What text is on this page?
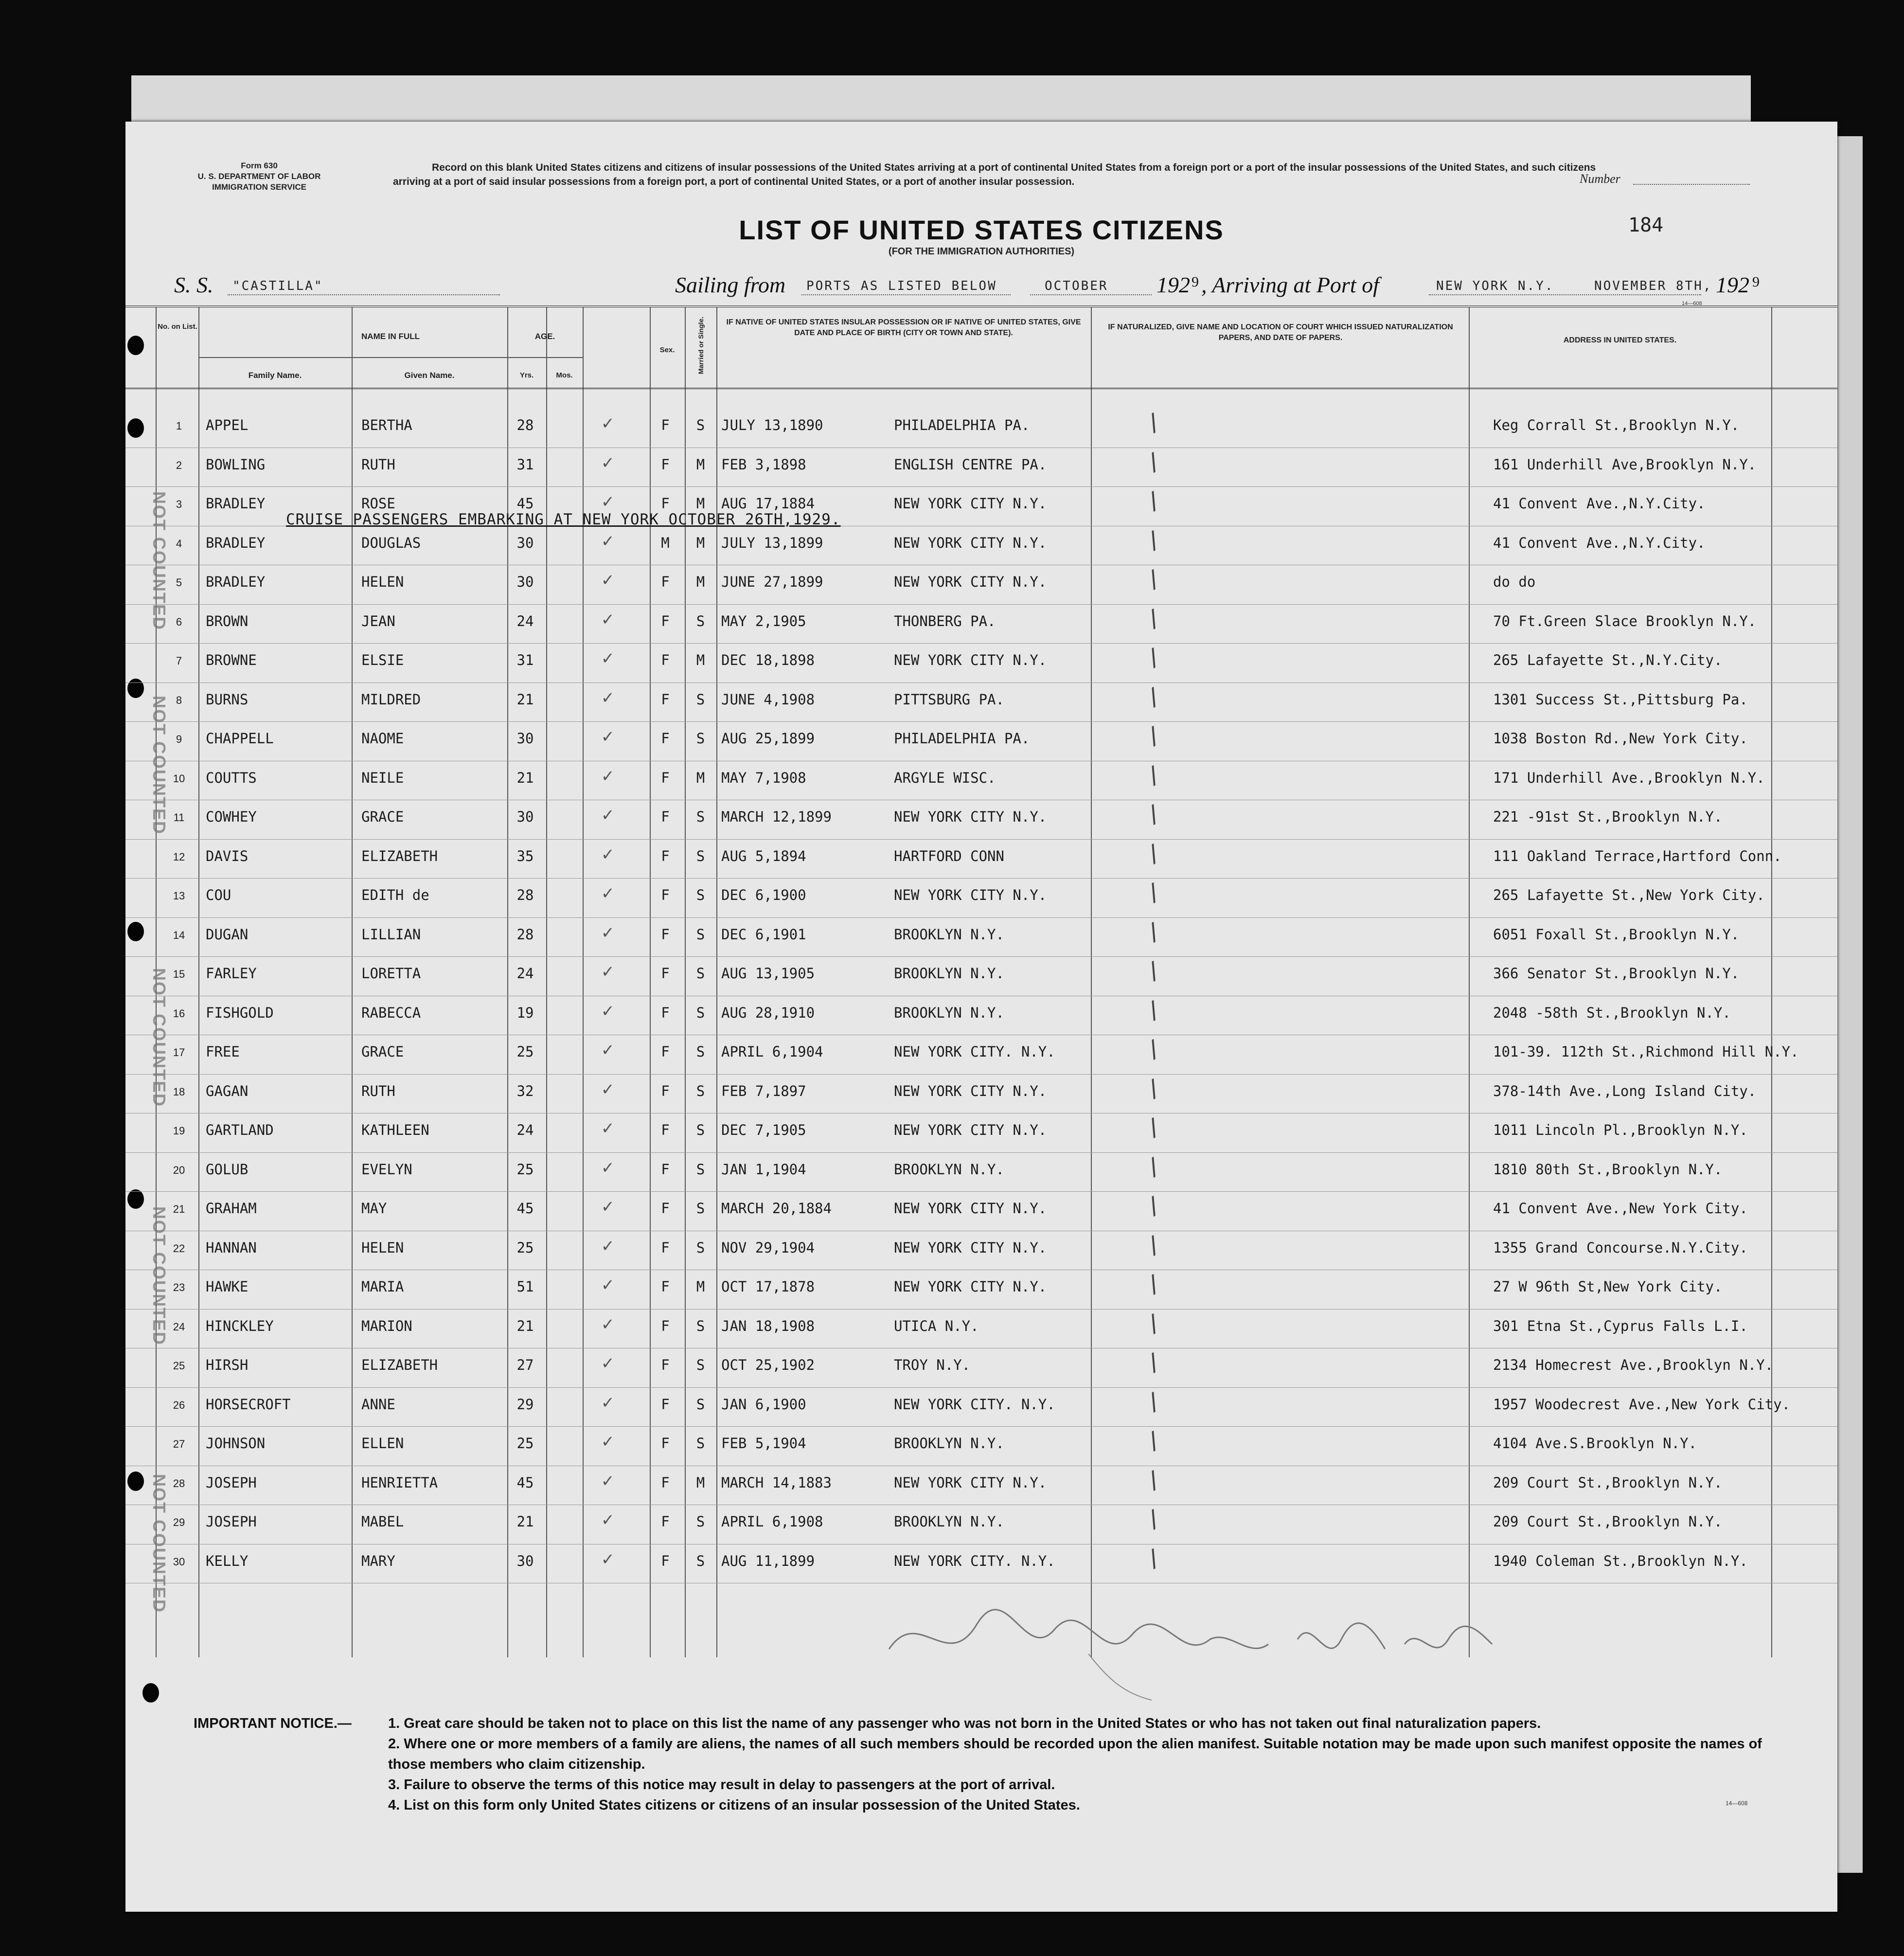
Form 630
U. S. DEPARTMENT OF LABOR
IMMIGRATION SERVICE
Record on this blank United States citizens and citizens of insular possessions of the United States arriving at a port of continental United States from a foreign port or a port of the insular possessions of the United States, and such citizens arriving at a port of said insular possessions from a foreign port, a port of continental United States, or a port of another insular possession.	Number
184
LIST OF UNITED STATES CITIZENS
(FOR THE IMMIGRATION AUTHORITIES)
S. S. "CASTILLA"	Sailing from PORTS AS LISTED BELOW	OCTOBER 192 9 , Arriving at Port of	NEW YORK N.Y.	NOVEMBER 8TH, 192 9
14—608
No. on List.
NAME IN FULL
Family Name.	Given Name.
AGE.
Yrs.	Mos.
Sex.	Married or Single.	IF NATIVE OF UNITED STATES INSULAR POSSESSION OR IF NATIVE OF UNITED STATES, GIVE DATE AND PLACE OF BIRTH (CITY OR TOWN AND STATE).
IF NATURALIZED, GIVE NAME AND LOCATION OF COURT WHICH ISSUED NATURALIZATION PAPERS, AND DATE OF PAPERS.	ADDRESS IN UNITED STATES.
CRUISE PASSENGERS EMBARKING AT NEW YORK OCTOBER 26TH,1929.
1	APPEL	BERTHA	28	F	S	JULY 13,1890	PHILADELPHIA PA.	Keg Corrall St.,Brooklyn N.Y.
✓	/
2	BOWLING	RUTH	31	F	M	FEB 3,1898	ENGLISH CENTRE PA.	161 Underhill Ave,Brooklyn N.Y.
✓	/
3	BRADLEY	ROSE	45	F	M	AUG 17,1884	NEW YORK CITY N.Y.	41 Convent Ave.,N.Y.City.
✓	/
4	BRADLEY	DOUGLAS	30	M	M	JULY 13,1899	NEW YORK CITY N.Y.	41 Convent Ave.,N.Y.City.
✓	/
5	BRADLEY	HELEN	30	F	M	JUNE 27,1899	NEW YORK CITY N.Y.	do do
✓	/
6	BROWN	JEAN	24	F	S	MAY 2,1905	THONBERG PA.	70 Ft.Green Slace Brooklyn N.Y.
✓	/
7	BROWNE	ELSIE	31	F	M	DEC 18,1898	NEW YORK CITY N.Y.	265 Lafayette St.,N.Y.City.
✓	/
8	BURNS	MILDRED	21	F	S	JUNE 4,1908	PITTSBURG PA.	1301 Success St.,Pittsburg Pa.
✓	/
9	CHAPPELL	NAOME	30	F	S	AUG 25,1899	PHILADELPHIA PA.	1038 Boston Rd.,New York City.
✓	/
10	COUTTS	NEILE	21	F	M	MAY 7,1908	ARGYLE WISC.	171 Underhill Ave.,Brooklyn N.Y.
✓	/
11	COWHEY	GRACE	30	F	S	MARCH 12,1899	NEW YORK CITY N.Y.	221 -91st St.,Brooklyn N.Y.
✓	/
12	DAVIS	ELIZABETH	35	F	S	AUG 5,1894	HARTFORD CONN	111 Oakland Terrace,Hartford Conn.
✓	/
13	COU	EDITH de	28	F	S	DEC 6,1900	NEW YORK CITY N.Y.	265 Lafayette St.,New York City.
✓	/
14	DUGAN	LILLIAN	28	F	S	DEC 6,1901	BROOKLYN N.Y.	6051 Foxall St.,Brooklyn N.Y.
✓	/
15	FARLEY	LORETTA	24	F	S	AUG 13,1905	BROOKLYN N.Y.	366 Senator St.,Brooklyn N.Y.
✓	/
16	FISHGOLD	RABECCA	19	F	S	AUG 28,1910	BROOKLYN N.Y.	2048 -58th St.,Brooklyn N.Y.
✓	/
17	FREE	GRACE	25	F	S	APRIL 6,1904	NEW YORK CITY. N.Y.	101-39. 112th St.,Richmond Hill N.Y.
✓	/
18	GAGAN	RUTH	32	F	S	FEB 7,1897	NEW YORK CITY N.Y.	378-14th Ave.,Long Island City.
✓	/
19	GARTLAND	KATHLEEN	24	F	S	DEC 7,1905	NEW YORK CITY N.Y.	1011 Lincoln Pl.,Brooklyn N.Y.
✓	/
20	GOLUB	EVELYN	25	F	S	JAN 1,1904	BROOKLYN N.Y.	1810 80th St.,Brooklyn N.Y.
✓	/
21	GRAHAM	MAY	45	F	S	MARCH 20,1884	NEW YORK CITY N.Y.	41 Convent Ave.,New York City.
✓	/
22	HANNAN	HELEN	25	F	S	NOV 29,1904	NEW YORK CITY N.Y.	1355 Grand Concourse.N.Y.City.
✓	/
23	HAWKE	MARIA	51	F	M	OCT 17,1878	NEW YORK CITY N.Y.	27 W 96th St,New York City.
✓	/
24	HINCKLEY	MARION	21	F	S	JAN 18,1908	UTICA N.Y.	301 Etna St.,Cyprus Falls L.I.
✓	/
25	HIRSH	ELIZABETH	27	F	S	OCT 25,1902	TROY N.Y.	2134 Homecrest Ave.,Brooklyn N.Y.
✓	/
26	HORSECROFT	ANNE	29	F	S	JAN 6,1900	NEW YORK CITY. N.Y.	1957 Woodecrest Ave.,New York City.
✓	/
27	JOHNSON	ELLEN	25	F	S	FEB 5,1904	BROOKLYN N.Y.	4104 Ave.S.Brooklyn N.Y.
✓	/
28	JOSEPH	HENRIETTA	45	F	M	MARCH 14,1883	NEW YORK CITY N.Y.	209 Court St.,Brooklyn N.Y.
✓	/
29	JOSEPH	MABEL	21	F	S	APRIL 6,1908	BROOKLYN N.Y.	209 Court St.,Brooklyn N.Y.
✓	/
30	KELLY	MARY	30	F	S	AUG 11,1899	NEW YORK CITY. N.Y.	1940 Coleman St.,Brooklyn N.Y.
✓	/
NOT COUNTED
NOT COUNTED
NOT COUNTED
NOT COUNTED
NOT COUNTED
IMPORTANT NOTICE.—	1. Great care should be taken not to place on this list the name of any passenger who was not born in the United States or who has not taken out final naturalization papers.
2. Where one or more members of a family are aliens, the names of all such members should be recorded upon the alien manifest. Suitable notation may be made upon such manifest opposite the names of those members who claim citizenship.
3. Failure to observe the terms of this notice may result in delay to passengers at the port of arrival.
4. List on this form only United States citizens or citizens of an insular possession of the United States.	14—608
